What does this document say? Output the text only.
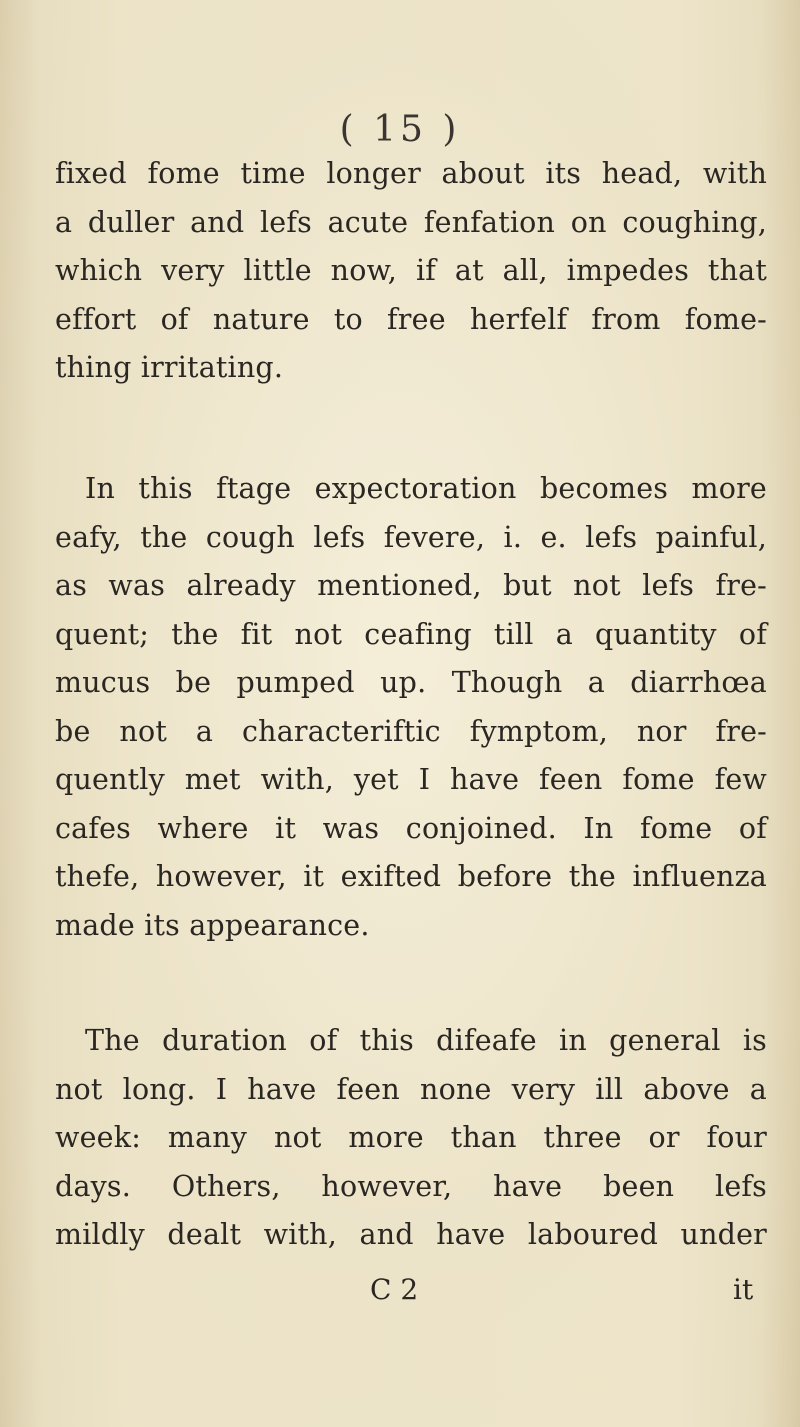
( 15 )
fixed fome time longer about its head, with
a duller and lefs acute fenfation on coughing,
which very little now, if at all, impedes that
effort of nature to free herfelf from fome-
thing irritating.
In this ftage expectoration becomes more
eafy, the cough lefs fevere, i. e. lefs painful,
as was already mentioned, but not lefs fre-
quent; the fit not ceafing till a quantity of
mucus be pumped up. Though a diarrhœa
be not a characteriftic fymptom, nor fre-
quently met with, yet I have feen fome few
cafes where it was conjoined. In fome of
thefe, however, it exifted before the influenza
made its appearance.
The duration of this difeafe in general is
not long. I have feen none very ill above a
week: many not more than three or four
days. Others, however, have been lefs
mildly dealt with, and have laboured under
C 2	it
